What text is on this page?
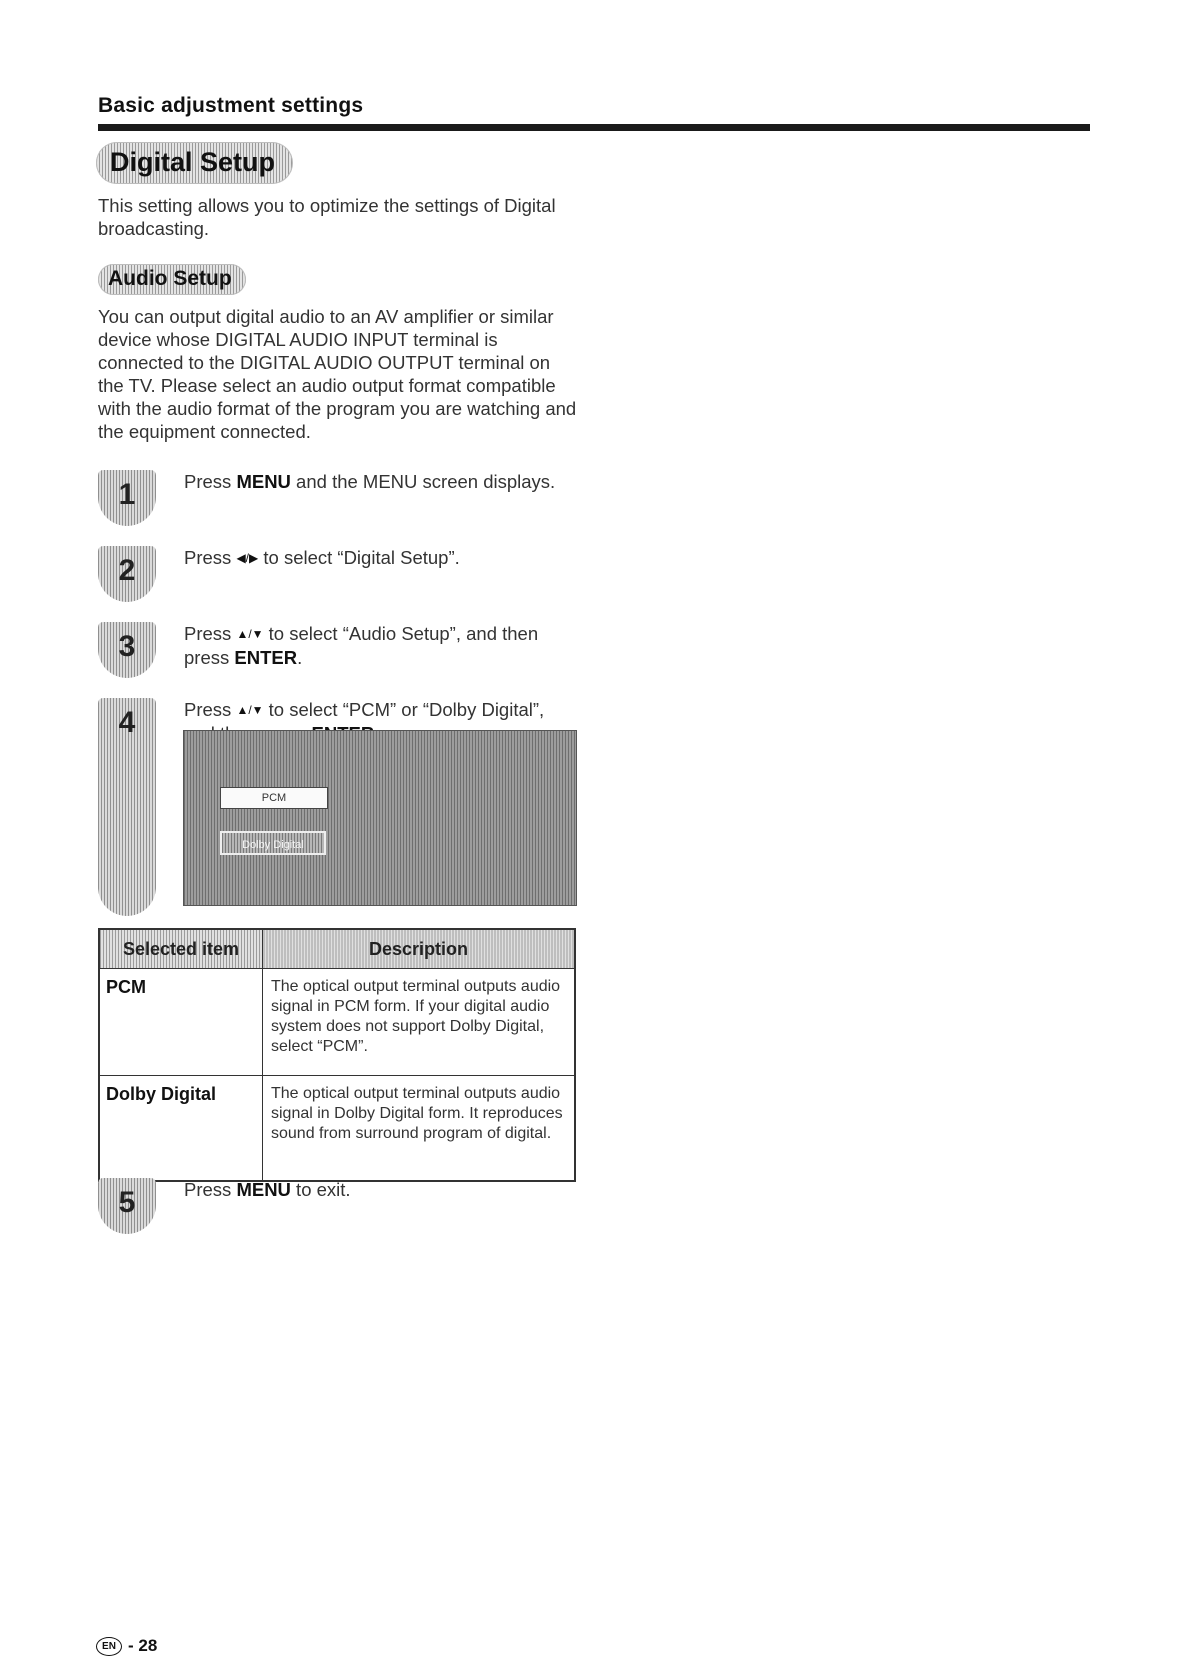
Basic adjustment settings
Digital Setup
This setting allows you to optimize the settings of Digital broadcasting.
Audio Setup
You can output digital audio to an AV amplifier or similar device whose DIGITAL AUDIO INPUT terminal is connected to the DIGITAL AUDIO OUTPUT terminal on the TV. Please select an audio output format compatible with the audio format of the program you are watching and the equipment connected.
1	Press MENU and the MENU screen displays.
2	Press ◀/▶ to select “Digital Setup”.
3	Press ▲/▼ to select “Audio Setup”, and then press ENTER.
4	Press ▲/▼ to select “PCM” or “Dolby Digital”,
PCM
Dolby Digital
Selected item	Description
PCM	The optical output terminal outputs audio signal in PCM form. If your digital audio system does not support Dolby Digital, select “PCM”.
Dolby Digital	The optical output terminal outputs audio signal in Dolby Digital form. It reproduces sound from surround program of digital.
5	Press MENU to exit.
EN - 28
